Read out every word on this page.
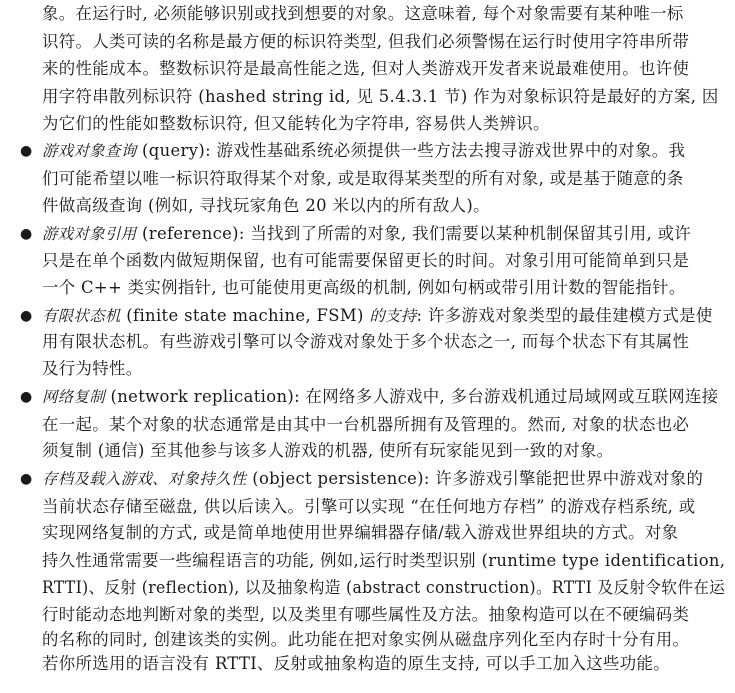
象。在运行时, 必须能够识别或找到想要的对象。这意味着, 每个对象需要有某种唯一标
识符。人类可读的名称是最方便的标识符类型, 但我们必须警惕在运行时使用字符串所带
来的性能成本。整数标识符是最高性能之选, 但对人类游戏开发者来说最难使用。也许使
用字符串散列标识符 (hashed string id, 见 5.4.3.1 节) 作为对象标识符是最好的方案, 因
为它们的性能如整数标识符, 但又能转化为字符串, 容易供人类辨识。
● 游戏对象查询 (query): 游戏性基础系统必须提供一些方法去搜寻游戏世界中的对象。我
们可能希望以唯一标识符取得某个对象, 或是取得某类型的所有对象, 或是基于随意的条
件做高级查询 (例如, 寻找玩家角色 20 米以内的所有敌人)。
● 游戏对象引用 (reference): 当找到了所需的对象, 我们需要以某种机制保留其引用, 或许
只是在单个函数内做短期保留, 也有可能需要保留更长的时间。对象引用可能简单到只是
一个 C++ 类实例指针, 也可能使用更高级的机制, 例如句柄或带引用计数的智能指针。
● 有限状态机 (finite state machine, FSM) 的支持: 许多游戏对象类型的最佳建模方式是使
用有限状态机。有些游戏引擎可以令游戏对象处于多个状态之一, 而每个状态下有其属性
及行为特性。
● 网络复制 (network replication): 在网络多人游戏中, 多台游戏机通过局域网或互联网连接
在一起。某个对象的状态通常是由其中一台机器所拥有及管理的。然而, 对象的状态也必
须复制 (通信) 至其他参与该多人游戏的机器, 使所有玩家能见到一致的对象。
● 存档及载入游戏、对象持久性 (object persistence): 许多游戏引擎能把世界中游戏对象的
当前状态存储至磁盘, 供以后读入。引擎可以实现 “在任何地方存档” 的游戏存档系统, 或
实现网络复制的方式, 或是简单地使用世界编辑器存储/载入游戏世界组块的方式。对象
持久性通常需要一些编程语言的功能, 例如,运行时类型识别 (runtime type identification,
RTTI)、反射 (reflection), 以及抽象构造 (abstract construction)。RTTI 及反射令软件在运
行时能动态地判断对象的类型, 以及类里有哪些属性及方法。抽象构造可以在不硬编码类
的名称的同时, 创建该类的实例。此功能在把对象实例从磁盘序列化至内存时十分有用。
若你所选用的语言没有 RTTI、反射或抽象构造的原生支持, 可以手工加入这些功能。
